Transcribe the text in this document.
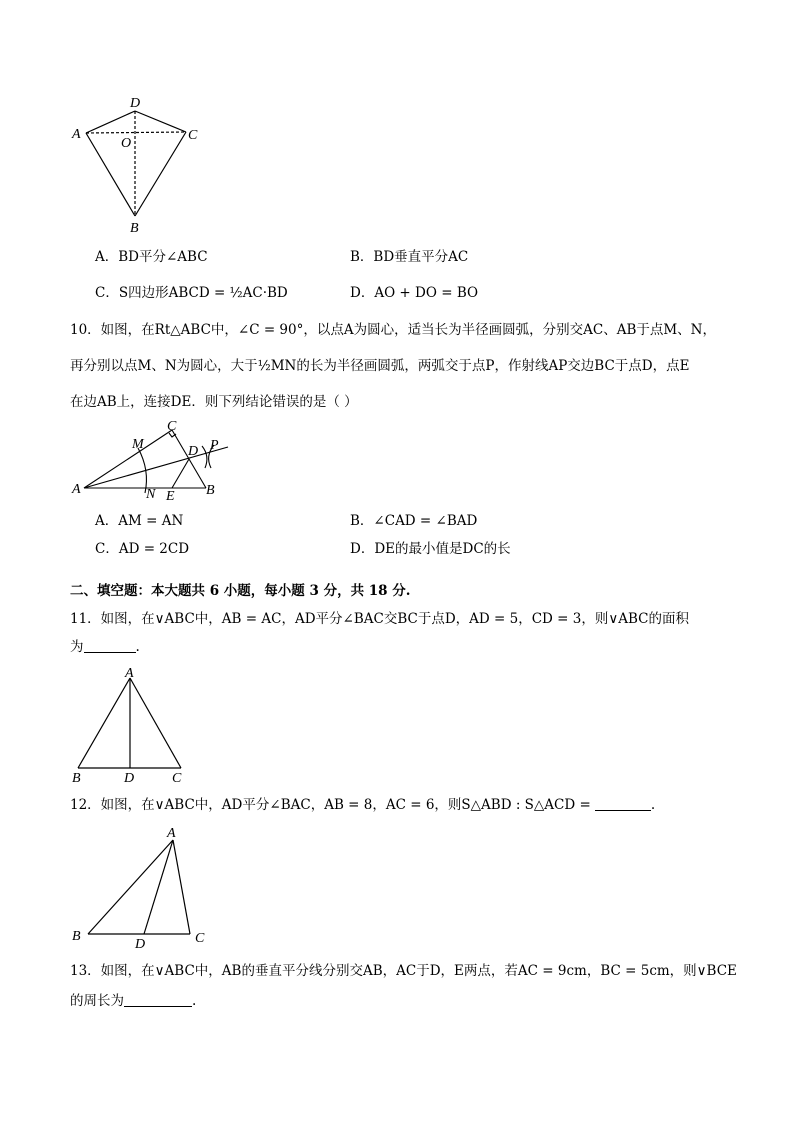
D
A	C
O
B
A．BD平分∠ABC	B．BD垂直平分AC
C．S四边形ABCD = ½AC·BD	D．AO + DO = BO
10．如图，在Rt△ABC中，∠C = 90°，以点A为圆心，适当长为半径画圆弧，分别交AC、AB于点M、N，
再分别以点M、N为圆心，大于½MN的长为半径画圆弧，两弧交于点P，作射线AP交边BC于点D，点E
在边AB上，连接DE．则下列结论错误的是（ ）
C
M	D P
A	N E B
A．AM = AN	B．∠CAD = ∠BAD
C．AD = 2CD	D．DE的最小值是DC的长
二、填空题：本大题共 6 小题，每小题 3 分，共 18 分.
11．如图，在∨ABC中，AB = AC，AD平分∠BAC交BC于点D，AD = 5，CD = 3，则∨ABC的面积
为	.
A
B	D	C
12．如图，在∨ABC中，AD平分∠BAC，AB = 8，AC = 6，则S△ABD : S△ACD =	.
A
B
D	C
13．如图，在∨ABC中，AB的垂直平分线分别交AB，AC于D，E两点，若AC = 9cm，BC = 5cm，则∨BCE
的周长为	.
